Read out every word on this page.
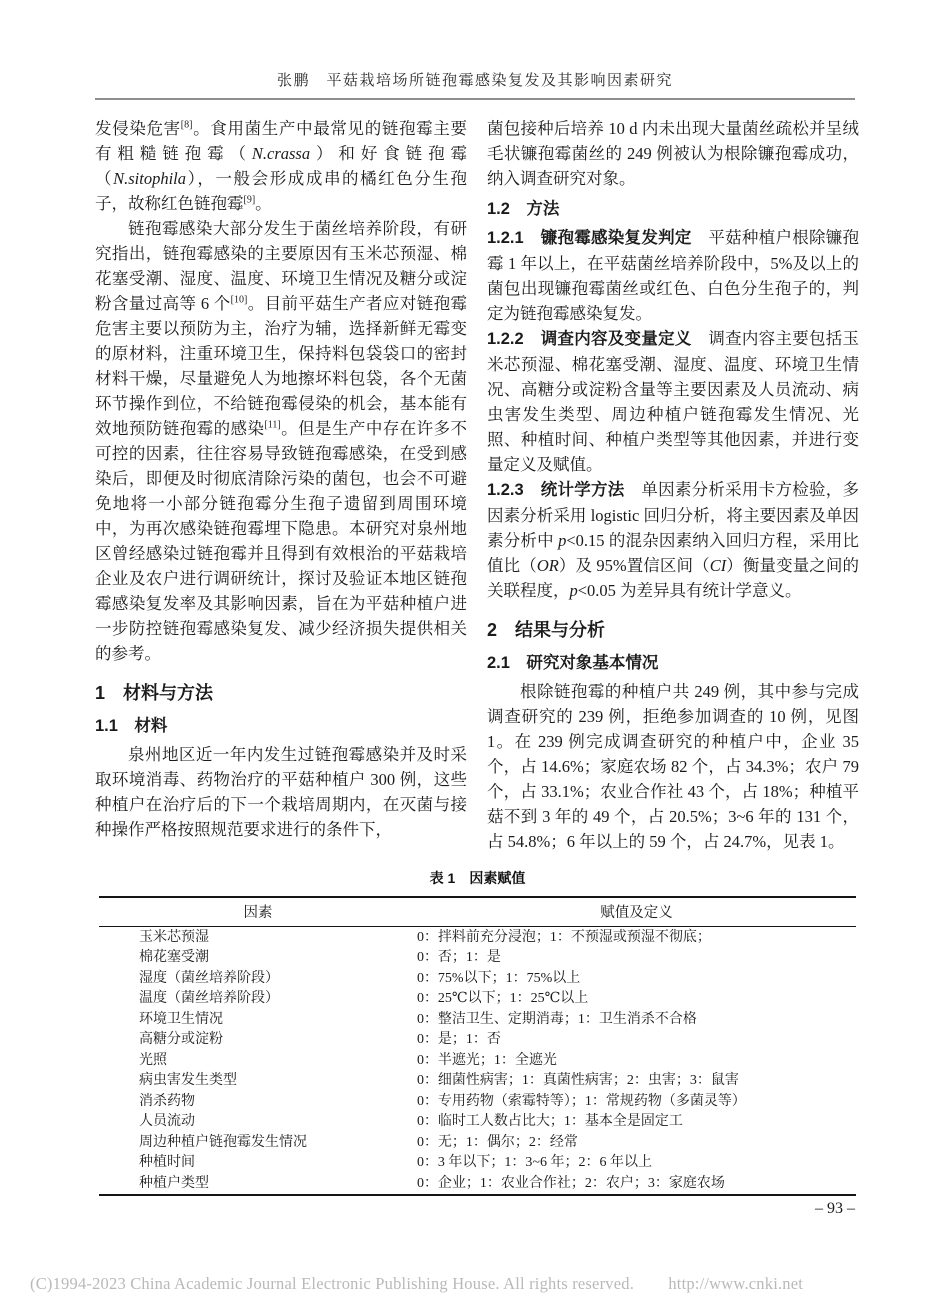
张鹏　平菇栽培场所链孢霉感染复发及其影响因素研究

发侵染危害[8]。食用菌生产中最常见的链孢霉主要有粗糙链孢霉（N.crassa）和好食链孢霉（N.sitophila），一般会形成成串的橘红色分生孢子，故称红色链孢霉[9]。

链孢霉感染大部分发生于菌丝培养阶段，有研究指出，链孢霉感染的主要原因有玉米芯预湿、棉花塞受潮、湿度、温度、环境卫生情况及糖分或淀粉含量过高等 6 个[10]。目前平菇生产者应对链孢霉危害主要以预防为主，治疗为辅，选择新鲜无霉变的原材料，注重环境卫生，保持料包袋袋口的密封材料干燥，尽量避免人为地擦坏料包袋，各个无菌环节操作到位，不给链孢霉侵染的机会，基本能有效地预防链孢霉的感染[11]。但是生产中存在许多不可控的因素，往往容易导致链孢霉感染，在受到感染后，即便及时彻底清除污染的菌包，也会不可避免地将一小部分链孢霉分生孢子遗留到周围环境中，为再次感染链孢霉埋下隐患。本研究对泉州地区曾经感染过链孢霉并且得到有效根治的平菇栽培企业及农户进行调研统计，探讨及验证本地区链孢霉感染复发率及其影响因素，旨在为平菇种植户进一步防控链孢霉感染复发、减少经济损失提供相关的参考。

1　材料与方法
1.1　材料

泉州地区近一年内发生过链孢霉感染并及时采取环境消毒、药物治疗的平菇种植户 300 例，这些种植户在治疗后的下一个栽培周期内，在灭菌与接种操作严格按照规范要求进行的条件下，

菌包接种后培养 10 d 内未出现大量菌丝疏松并呈绒毛状镰孢霉菌丝的 249 例被认为根除镰孢霉成功，纳入调查研究对象。

1.2　方法

1.2.1　镰孢霉感染复发判定　平菇种植户根除镰孢霉 1 年以上，在平菇菌丝培养阶段中，5%及以上的菌包出现镰孢霉菌丝或红色、白色分生孢子的，判定为链孢霉感染复发。

1.2.2　调查内容及变量定义　调查内容主要包括玉米芯预湿、棉花塞受潮、湿度、温度、环境卫生情况、高糖分或淀粉含量等主要因素及人员流动、病虫害发生类型、周边种植户链孢霉发生情况、光照、种植时间、种植户类型等其他因素，并进行变量定义及赋值。

1.2.3　统计学方法　单因素分析采用卡方检验，多因素分析采用 logistic 回归分析，将主要因素及单因素分析中 p<0.15 的混杂因素纳入回归方程，采用比值比（OR）及 95%置信区间（CI）衡量变量之间的关联程度，p<0.05 为差异具有统计学意义。

2　结果与分析
2.1　研究对象基本情况

根除链孢霉的种植户共 249 例，其中参与完成调查研究的 239 例，拒绝参加调查的 10 例，见图 1。在 239 例完成调查研究的种植户中，企业 35 个，占 14.6%；家庭农场 82 个，占 34.3%；农户 79 个，占 33.1%；农业合作社 43 个，占 18%；种植平菇不到 3 年的 49 个，占 20.5%；3~6 年的 131 个，占 54.8%；6 年以上的 59 个，占 24.7%，见表 1。

表 1　因素赋值
因素	赋值及定义
玉米芯预湿	0：拌料前充分浸泡；1：不预湿或预湿不彻底；
棉花塞受潮	0：否；1：是
湿度（菌丝培养阶段）	0：75%以下；1：75%以上
温度（菌丝培养阶段）	0：25℃以下；1：25℃以上
环境卫生情况	0：整洁卫生、定期消毒；1：卫生消杀不合格
高糖分或淀粉	0：是；1：否
光照	0：半遮光；1：全遮光
病虫害发生类型	0：细菌性病害；1：真菌性病害；2：虫害；3：鼠害
消杀药物	0：专用药物（索霉特等）；1：常规药物（多菌灵等）
人员流动	0：临时工人数占比大；1：基本全是固定工
周边种植户链孢霉发生情况	0：无；1：偶尔；2：经常
种植时间	0：3 年以下；1：3~6 年；2：6 年以上
种植户类型	0：企业；1：农业合作社；2：农户；3：家庭农场
– 93 –
(C)1994-2023 China Academic Journal Electronic Publishing House. All rights reserved. http://www.cnki.net
